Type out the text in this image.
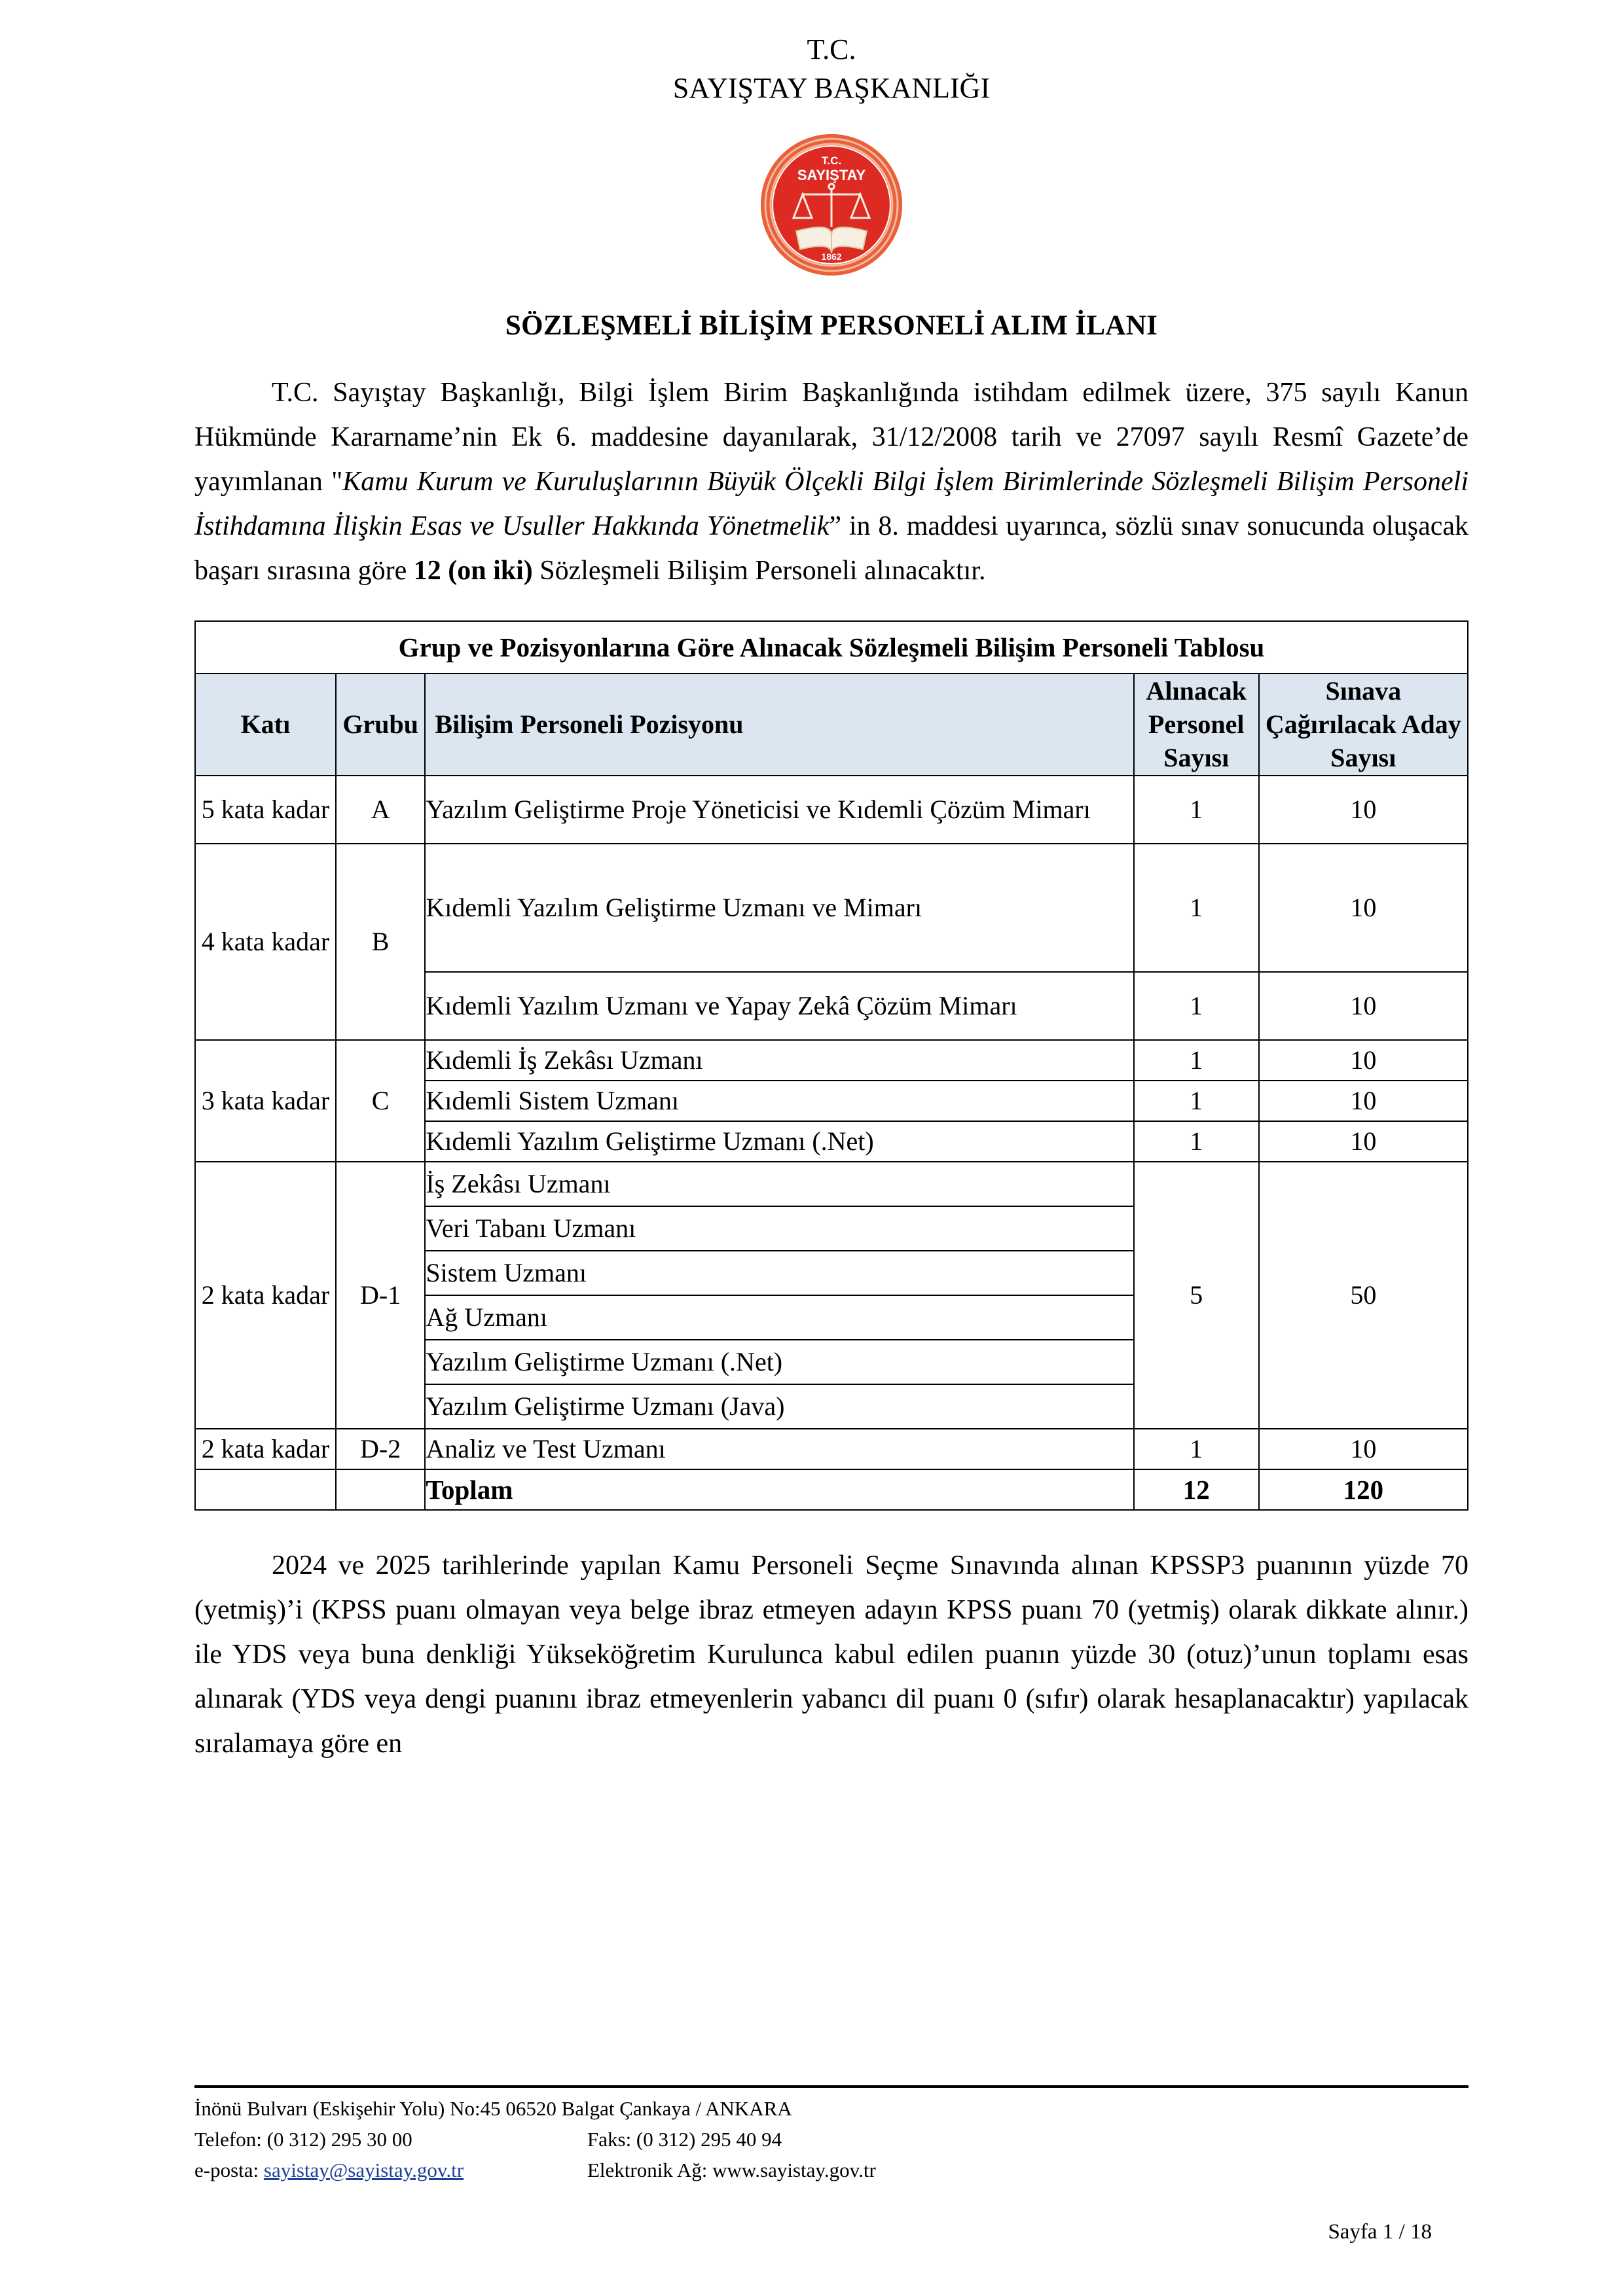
T.C.
SAYIŞTAY BAŞKANLIĞI
T.C.
SAYIŞTAY
1862
SÖZLEŞMELİ BİLİŞİM PERSONELİ ALIM İLANI

T.C. Sayıştay Başkanlığı, Bilgi İşlem Birim Başkanlığında istihdam edilmek üzere, 375 sayılı Kanun Hükmünde Kararname’nin Ek 6. maddesine dayanılarak, 31/12/2008 tarih ve 27097 sayılı Resmî Gazete’de yayımlanan "Kamu Kurum ve Kuruluşlarının Büyük Ölçekli Bilgi İşlem Birimlerinde Sözleşmeli Bilişim Personeli İstihdamına İlişkin Esas ve Usuller Hakkında Yönetmelik” in 8. maddesi uyarınca, sözlü sınav sonucunda oluşacak başarı sırasına göre 12 (on iki) Sözleşmeli Bilişim Personeli alınacaktır.

Grup ve Pozisyonlarına Göre Alınacak Sözleşmeli Bilişim Personeli Tablosu				
Katı	Grubu	Bilişim Personeli Pozisyonu	Alınacak Personel Sayısı	Sınava Çağırılacak Aday Sayısı
5 kata kadar	A	Yazılım Geliştirme Proje Yöneticisi ve Kıdemli Çözüm Mimarı	1	10
4 kata kadar	B	Kıdemli Yazılım Geliştirme Uzmanı ve Mimarı	1	10
		Kıdemli Yazılım Uzmanı ve Yapay Zekâ Çözüm Mimarı	1	10
3 kata kadar	C	Kıdemli İş Zekâsı Uzmanı	1	10
		Kıdemli Sistem Uzmanı	1	10
		Kıdemli Yazılım Geliştirme Uzmanı (.Net)	1	10
2 kata kadar	D-1	İş Zekâsı Uzmanı	5	50
		Veri Tabanı Uzmanı		
		Sistem Uzmanı		
		Ağ Uzmanı		
		Yazılım Geliştirme Uzmanı (.Net)		
		Yazılım Geliştirme Uzmanı (Java)		
2 kata kadar	D-2	Analiz ve Test Uzmanı	1	10
		Toplam	12	120

2024 ve 2025 tarihlerinde yapılan Kamu Personeli Seçme Sınavında alınan KPSSP3 puanının yüzde 70 (yetmiş)’i (KPSS puanı olmayan veya belge ibraz etmeyen adayın KPSS puanı 70 (yetmiş) olarak dikkate alınır.) ile YDS veya buna denkliği Yükseköğretim Kurulunca kabul edilen puanın yüzde 30 (otuz)’unun toplamı esas alınarak (YDS veya dengi puanını ibraz etmeyenlerin yabancı dil puanı 0 (sıfır) olarak hesaplanacaktır) yapılacak sıralamaya göre en

İnönü Bulvarı (Eskişehir Yolu) No:45 06520 Balgat Çankaya / ANKARA
Telefon: (0 312) 295 30 00	Faks: (0 312) 295 40 94
e-posta: sayistay@sayistay.gov.tr	Elektronik Ağ: www.sayistay.gov.tr
Sayfa 1 / 18
